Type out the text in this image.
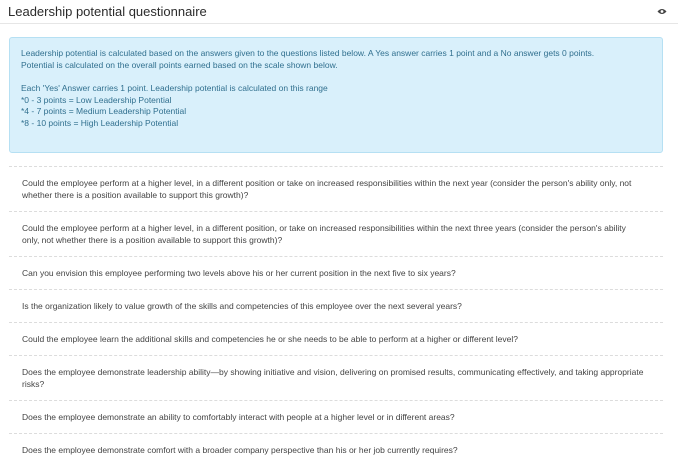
Leadership potential questionnaire

Leadership potential is calculated based on the answers given to the questions listed below. A Yes answer carries 1 point and a No answer gets 0 points.

Potential is calculated on the overall points earned based on the scale shown below.

Each 'Yes' Answer carries 1 point. Leadership potential is calculated on this range

*0 - 3 points = Low Leadership Potential

*4 - 7 points = Medium Leadership Potential

*8 - 10 points = High Leadership Potential

Could the employee perform at a higher level, in a different position or take on increased responsibilities within the next year (consider the person's ability only, not whether there is a position available to support this growth)?
Could the employee perform at a higher level, in a different position, or take on increased responsibilities within the next three years (consider the person's ability only, not whether there is a position available to support this growth)?
Can you envision this employee performing two levels above his or her current position in the next five to six years?
Is the organization likely to value growth of the skills and competencies of this employee over the next several years?
Could the employee learn the additional skills and competencies he or she needs to be able to perform at a higher or different level?
Does the employee demonstrate leadership ability—by showing initiative and vision, delivering on promised results, communicating effectively, and taking appropriate risks?
Does the employee demonstrate an ability to comfortably interact with people at a higher level or in different areas?
Does the employee demonstrate comfort with a broader company perspective than his or her job currently requires?
